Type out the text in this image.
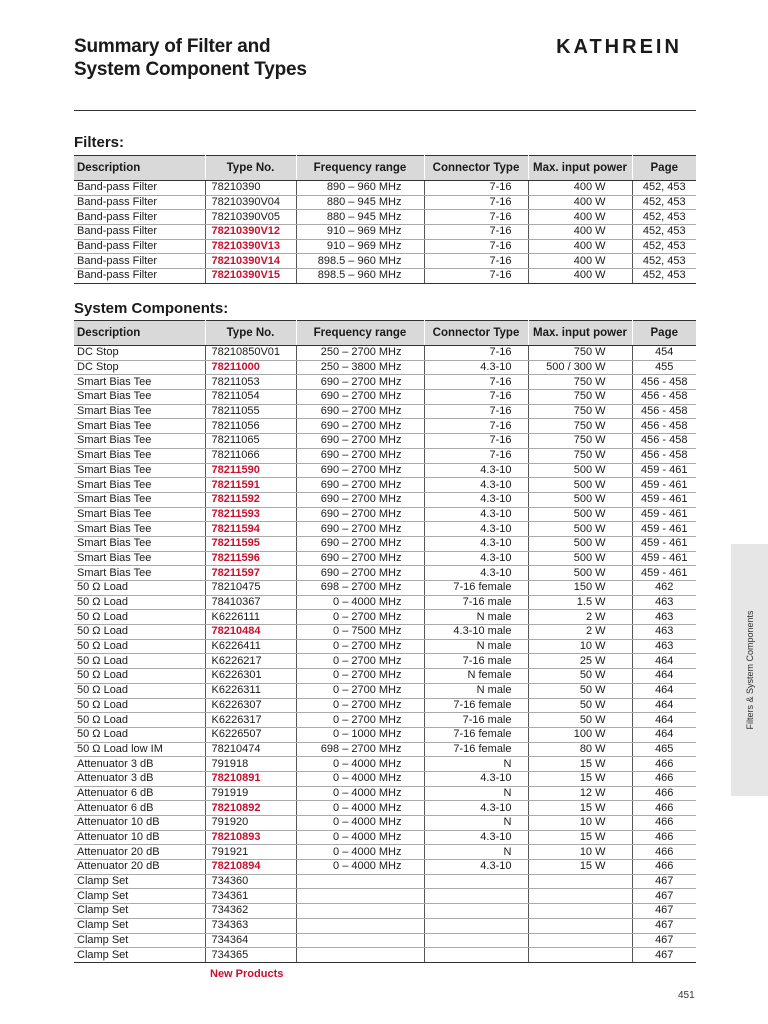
Summary of Filter and
System Component Types
KATHREIN
Filters:
Description	Type No.	Frequency range	Connector Type	Max. input power	Page
Band-pass Filter	78210390	890 – 960 MHz	7-16	400 W	452, 453
Band-pass Filter	78210390V04	880 – 945 MHz	7-16	400 W	452, 453
Band-pass Filter	78210390V05	880 – 945 MHz	7-16	400 W	452, 453
Band-pass Filter	78210390V12	910 – 969 MHz	7-16	400 W	452, 453
Band-pass Filter	78210390V13	910 – 969 MHz	7-16	400 W	452, 453
Band-pass Filter	78210390V14	898.5 – 960 MHz	7-16	400 W	452, 453
Band-pass Filter	78210390V15	898.5 – 960 MHz	7-16	400 W	452, 453
System Components:
Description	Type No.	Frequency range	Connector Type	Max. input power	Page
DC Stop	78210850V01	250 – 2700 MHz	7-16	750 W	454
DC Stop	78211000	250 – 3800 MHz	4.3-10	500 / 300 W	455
Smart Bias Tee	78211053	690 – 2700 MHz	7-16	750 W	456 - 458
Smart Bias Tee	78211054	690 – 2700 MHz	7-16	750 W	456 - 458
Smart Bias Tee	78211055	690 – 2700 MHz	7-16	750 W	456 - 458
Smart Bias Tee	78211056	690 – 2700 MHz	7-16	750 W	456 - 458
Smart Bias Tee	78211065	690 – 2700 MHz	7-16	750 W	456 - 458
Smart Bias Tee	78211066	690 – 2700 MHz	7-16	750 W	456 - 458
Smart Bias Tee	78211590	690 – 2700 MHz	4.3-10	500 W	459 - 461
Smart Bias Tee	78211591	690 – 2700 MHz	4.3-10	500 W	459 - 461
Smart Bias Tee	78211592	690 – 2700 MHz	4.3-10	500 W	459 - 461
Smart Bias Tee	78211593	690 – 2700 MHz	4.3-10	500 W	459 - 461
Smart Bias Tee	78211594	690 – 2700 MHz	4.3-10	500 W	459 - 461
Smart Bias Tee	78211595	690 – 2700 MHz	4.3-10	500 W	459 - 461
Smart Bias Tee	78211596	690 – 2700 MHz	4.3-10	500 W	459 - 461
Smart Bias Tee	78211597	690 – 2700 MHz	4.3-10	500 W	459 - 461
50 Ω Load	78210475	698 – 2700 MHz	7-16 female	150 W	462
50 Ω Load	78410367	0 – 4000 MHz	7-16 male	1.5 W	463
50 Ω Load	K6226111	0 – 2700 MHz	N male	2 W	463
50 Ω Load	78210484	0 – 7500 MHz	4.3-10 male	2 W	463
50 Ω Load	K6226411	0 – 2700 MHz	N male	10 W	463
50 Ω Load	K6226217	0 – 2700 MHz	7-16 male	25 W	464
50 Ω Load	K6226301	0 – 2700 MHz	N female	50 W	464
50 Ω Load	K6226311	0 – 2700 MHz	N male	50 W	464
50 Ω Load	K6226307	0 – 2700 MHz	7-16 female	50 W	464
50 Ω Load	K6226317	0 – 2700 MHz	7-16 male	50 W	464
50 Ω Load	K6226507	0 – 1000 MHz	7-16 female	100 W	464
50 Ω Load low IM	78210474	698 – 2700 MHz	7-16 female	80 W	465
Attenuator 3 dB	791918	0 – 4000 MHz	N	15 W	466
Attenuator 3 dB	78210891	0 – 4000 MHz	4.3-10	15 W	466
Attenuator 6 dB	791919	0 – 4000 MHz	N	12 W	466
Attenuator 6 dB	78210892	0 – 4000 MHz	4.3-10	15 W	466
Attenuator 10 dB	791920	0 – 4000 MHz	N	10 W	466
Attenuator 10 dB	78210893	0 – 4000 MHz	4.3-10	15 W	466
Attenuator 20 dB	791921	0 – 4000 MHz	N	10 W	466
Attenuator 20 dB	78210894	0 – 4000 MHz	4.3-10	15 W	466
Clamp Set	734360				467
Clamp Set	734361				467
Clamp Set	734362				467
Clamp Set	734363				467
Clamp Set	734364				467
Clamp Set	734365				467
New Products
Filters & System Components
451
